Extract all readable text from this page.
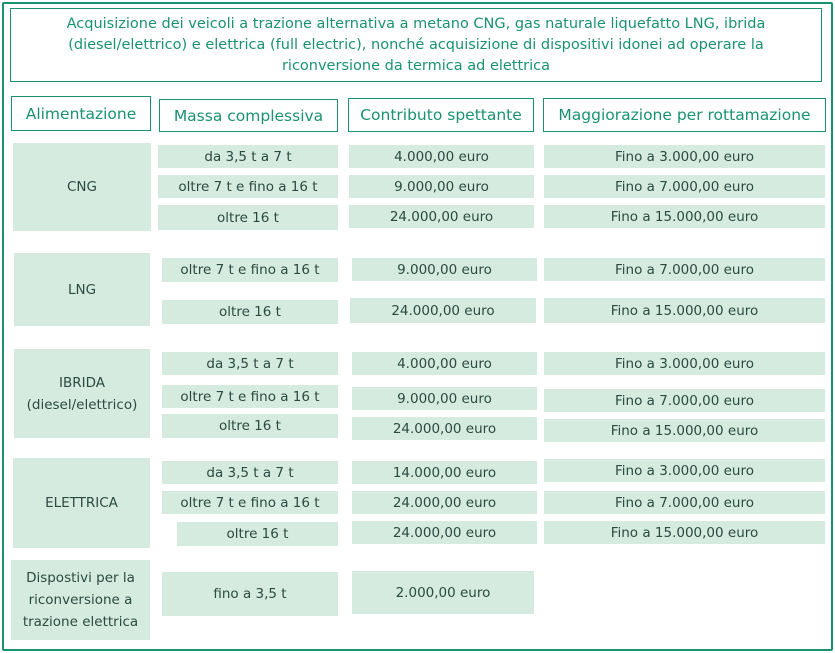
Acquisizione dei veicoli a trazione alternativa a metano CNG, gas naturale liquefatto LNG, ibrida (diesel/elettrico) e elettrica (full electric), nonché acquisizione di dispositivi idonei ad operare la riconversione da termica ad elettrica
Alimentazione	Massa complessiva	Contributo spettante	Maggiorazione per rottamazione
CNG
da 3,5 t a 7 t	4.000,00 euro	Fino a 3.000,00 euro
oltre 7 t e fino a 16 t	9.000,00 euro	Fino a 7.000,00 euro
oltre 16 t	24.000,00 euro	Fino a 15.000,00 euro
LNG
oltre 7 t e fino a 16 t	9.000,00 euro	Fino a 7.000,00 euro
oltre 16 t	24.000,00 euro	Fino a 15.000,00 euro
IBRIDA
(diesel/elettrico)
da 3,5 t a 7 t	4.000,00 euro	Fino a 3.000,00 euro
oltre 7 t e fino a 16 t	9.000,00 euro	Fino a 7.000,00 euro
oltre 16 t	24.000,00 euro	Fino a 15.000,00 euro
ELETTRICA
da 3,5 t a 7 t	14.000,00 euro	Fino a 3.000,00 euro
oltre 7 t e fino a 16 t	24.000,00 euro	Fino a 7.000,00 euro
oltre 16 t	24.000,00 euro	Fino a 15.000,00 euro
Dispostivi per la
riconversione a
trazione elettrica
fino a 3,5 t	2.000,00 euro
